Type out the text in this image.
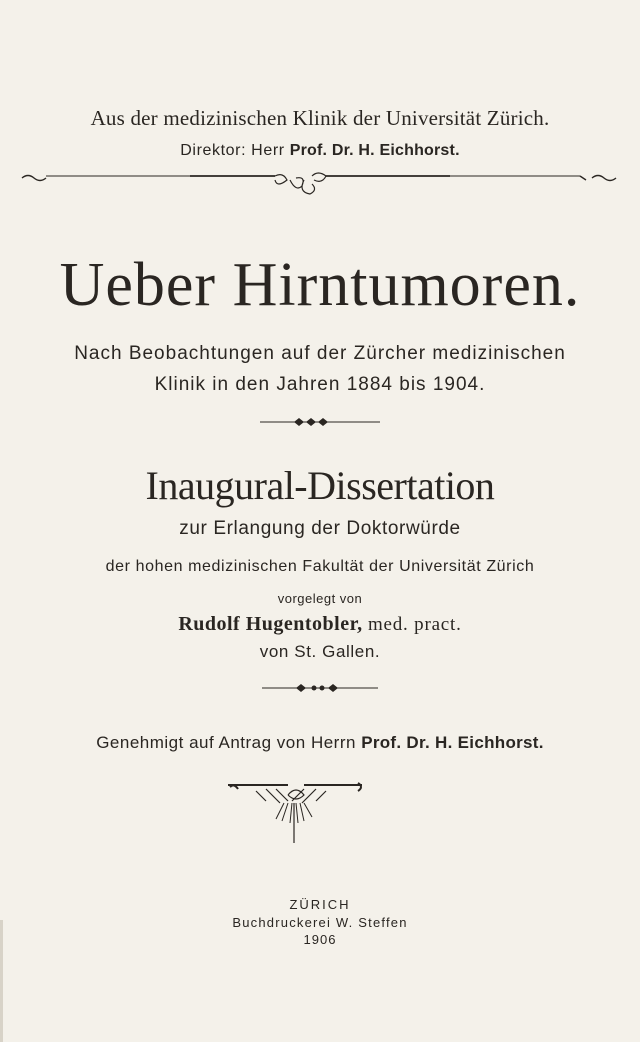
Aus der medizinischen Klinik der Universität Zürich.
Direktor: Herr Prof. Dr. H. Eichhorst.
Ueber Hirntumoren.
Nach Beobachtungen auf der Zürcher medizinischen
Klinik in den Jahren 1884 bis 1904.
Inaugural-Dissertation
zur Erlangung der Doktorwürde
der hohen medizinischen Fakultät der Universität Zürich
vorgelegt von
Rudolf Hugentobler, med. pract.
von St. Gallen.
Genehmigt auf Antrag von Herrn Prof. Dr. H. Eichhorst.
ZÜRICH
Buchdruckerei W. Steffen
1906
